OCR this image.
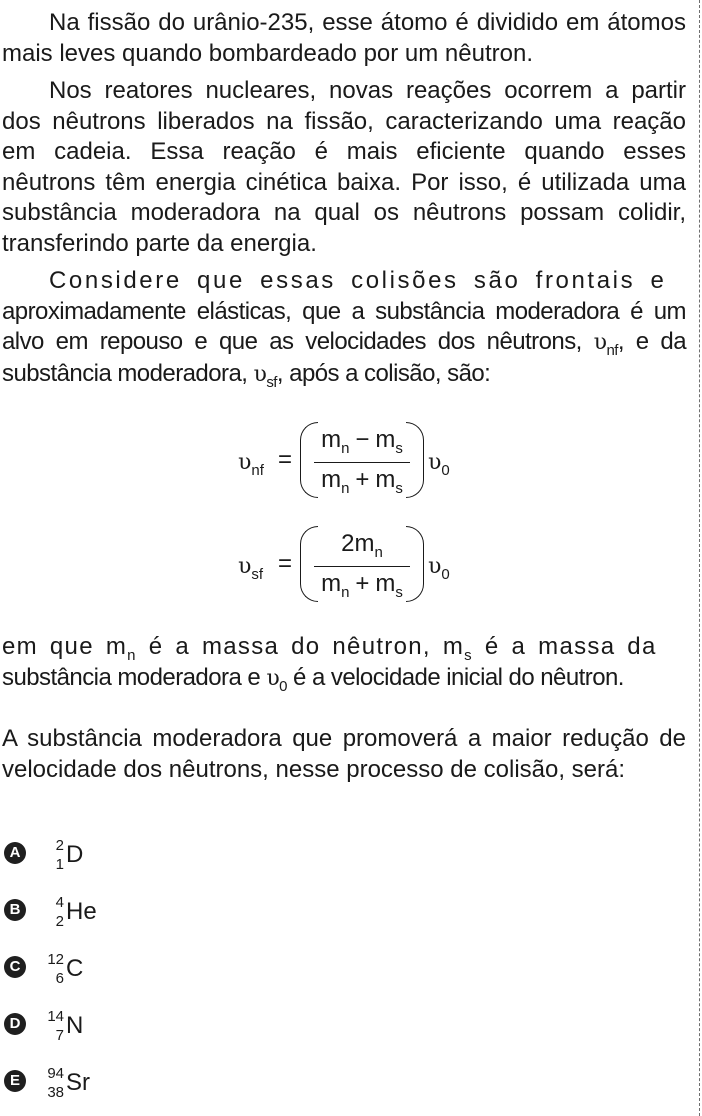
Na fissão do urânio-235, esse átomo é dividido em átomos mais leves quando bombardeado por um nêutron.

Nos reatores nucleares, novas reações ocorrem a partir dos nêutrons liberados na fissão, caracterizando uma reação em cadeia. Essa reação é mais eficiente quando esses nêutrons têm energia cinética baixa. Por isso, é utilizada uma substância moderadora na qual os nêutrons possam colidir, transferindo parte da energia.

Considere que essas colisões são frontais e
aproximadamente elásticas, que a substância moderadora é um alvo em repouso e que as velocidades dos nêutrons, $\upsilon_{nf}$, e da substância moderadora, $\upsilon_{sf}$, após a colisão, são:
$\upsilon_{nf}$ =
$m_n - m_s$
$m_n + m_s$
$\upsilon_0$
$\upsilon_{sf}$ =
$2m_n$
$m_n + m_s$
$\upsilon_0$
em que $m_n$ é a massa do nêutron, $m_s$ é a massa da
substância moderadora e $\upsilon_0$ é a velocidade inicial do nêutron.

A substância moderadora que promoverá a maior redução de velocidade dos nêutrons, nesse processo de colisão, será:

A	2
1 D
B	4
2 He
C	12
6 C
D	14
7 N
E	94
38 Sr
